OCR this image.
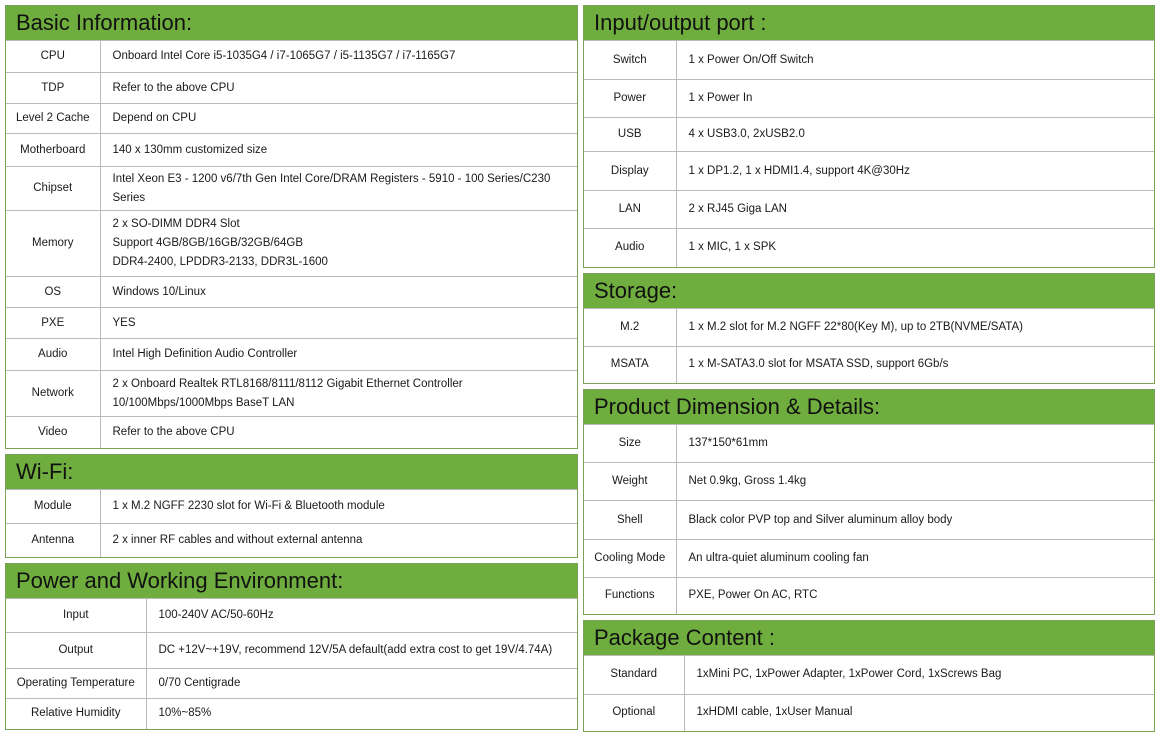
Basic Information:
CPU	Onboard Intel Core i5-1035G4 / i7-1065G7 / i5-1135G7 / i7-1165G7
TDP	Refer to the above CPU
Level 2 Cache	Depend on CPU
Motherboard	140 x 130mm customized size
Chipset	Intel Xeon E3 - 1200 v6/7th Gen Intel Core/DRAM Registers - 5910 - 100 Series/C230
Series
Memory	2 x SO-DIMM DDR4 Slot
Support 4GB/8GB/16GB/32GB/64GB
DDR4-2400, LPDDR3-2133, DDR3L-1600
OS	Windows 10/Linux
PXE	YES
Audio	Intel High Definition Audio Controller
Network	2 x Onboard Realtek RTL8168/8111/8112 Gigabit Ethernet Controller
10/100Mbps/1000Mbps BaseT LAN
Video	Refer to the above CPU
Wi-Fi:
Module	1 x M.2 NGFF 2230 slot for Wi-Fi & Bluetooth module
Antenna	2 x inner RF cables and without external antenna
Power and Working Environment:
Input	100-240V AC/50-60Hz
Output	DC +12V~+19V, recommend 12V/5A default(add extra cost to get 19V/4.74A)
Operating Temperature	0/70 Centigrade
Relative Humidity	10%~85%
Input/output port :
Switch	1 x Power On/Off Switch
Power	1 x Power In
USB	4 x USB3.0, 2xUSB2.0
Display	1 x DP1.2, 1 x HDMI1.4, support 4K@30Hz
LAN	2 x RJ45 Giga LAN
Audio	1 x MIC, 1 x SPK
Storage:
M.2	1 x M.2 slot for M.2 NGFF 22*80(Key M), up to 2TB(NVME/SATA)
MSATA	1 x M-SATA3.0 slot for MSATA SSD, support 6Gb/s
Product Dimension & Details:
Size	137*150*61mm
Weight	Net 0.9kg, Gross 1.4kg
Shell	Black color PVP top and Silver aluminum alloy body
Cooling Mode	An ultra-quiet aluminum cooling fan
Functions	PXE, Power On AC, RTC
Package Content :
Standard	1xMini PC, 1xPower Adapter, 1xPower Cord, 1xScrews Bag
Optional	1xHDMI cable, 1xUser Manual
